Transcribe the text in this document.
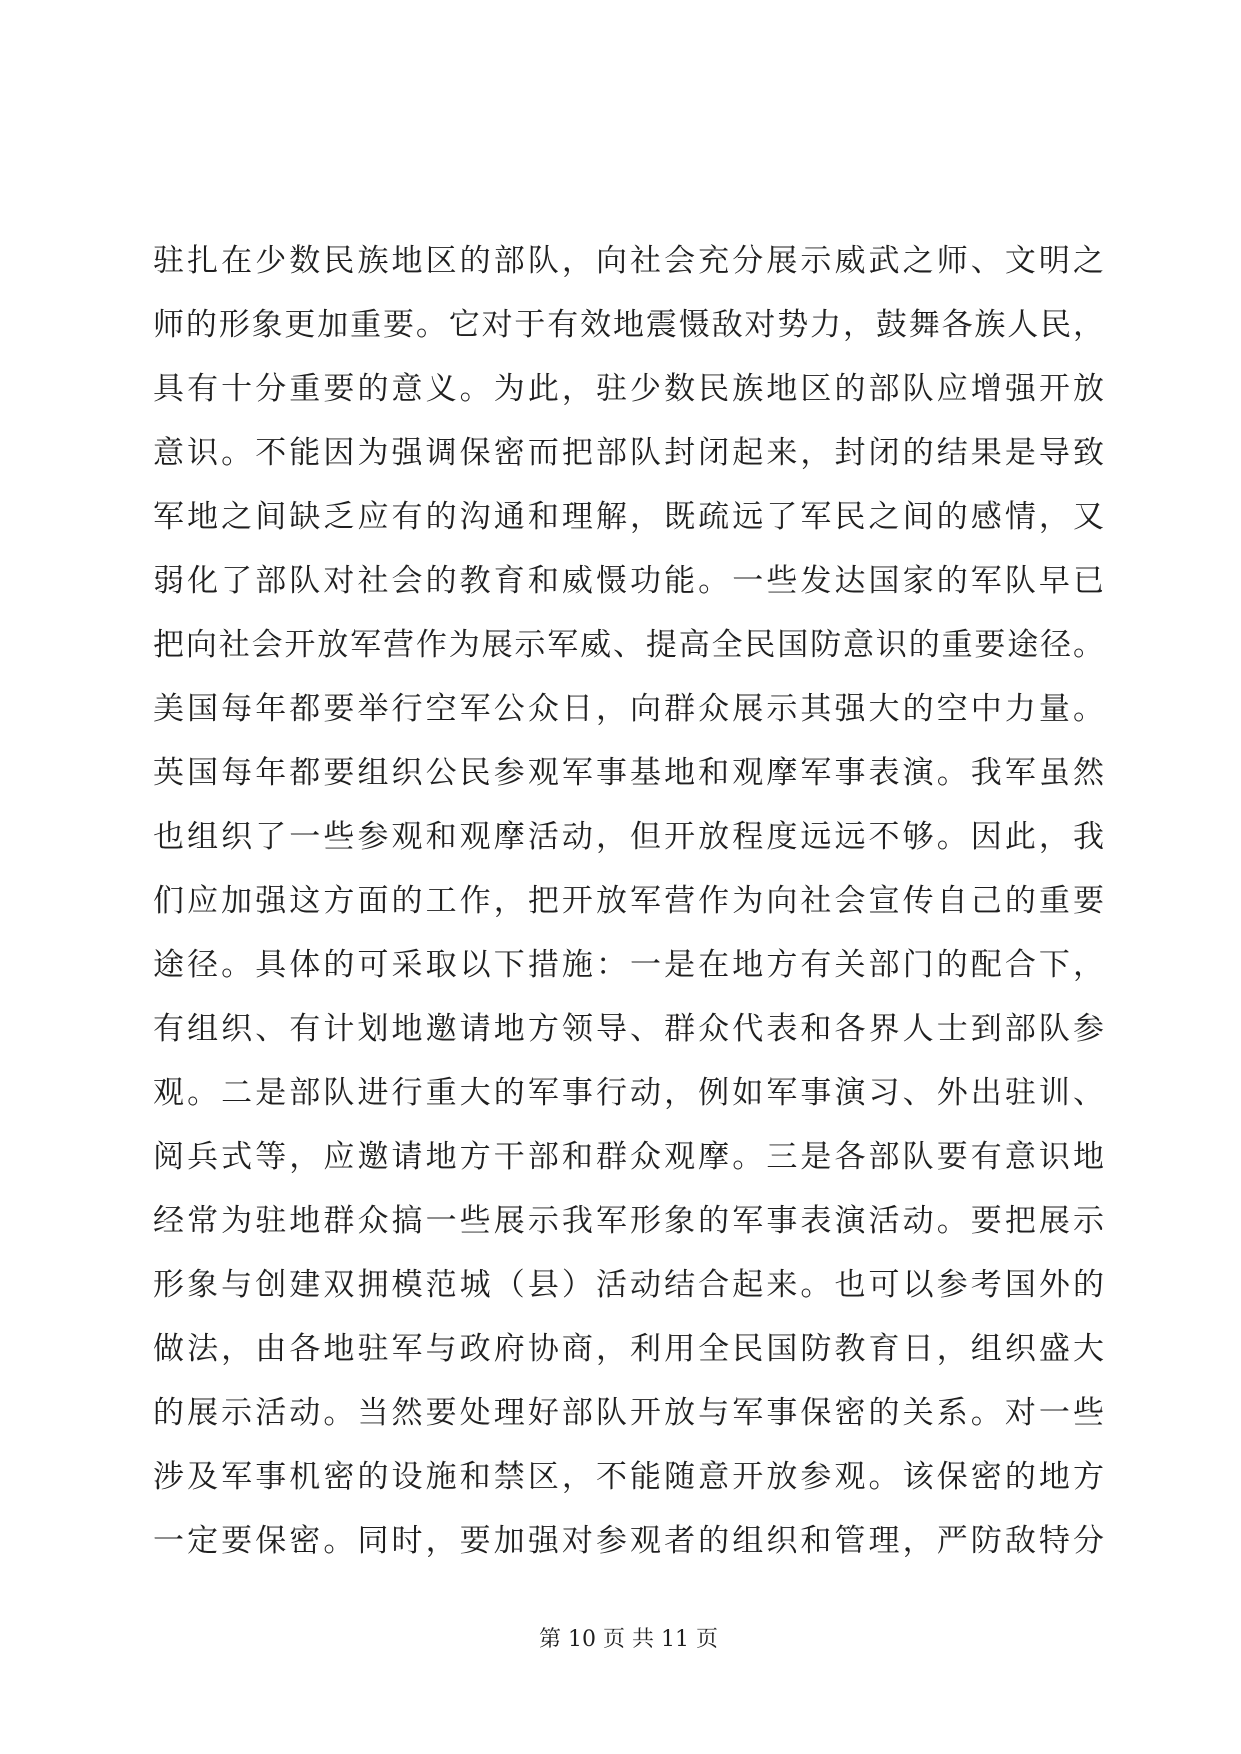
驻扎在少数民族地区的部队，向社会充分展示威武之师、文明之
师的形象更加重要。它对于有效地震慑敌对势力，鼓舞各族人民，
具有十分重要的意义。为此，驻少数民族地区的部队应增强开放
意识。不能因为强调保密而把部队封闭起来，封闭的结果是导致
军地之间缺乏应有的沟通和理解，既疏远了军民之间的感情，又
弱化了部队对社会的教育和威慑功能。一些发达国家的军队早已
把向社会开放军营作为展示军威、提高全民国防意识的重要途径。
美国每年都要举行空军公众日，向群众展示其强大的空中力量。
英国每年都要组织公民参观军事基地和观摩军事表演。我军虽然
也组织了一些参观和观摩活动，但开放程度远远不够。因此，我
们应加强这方面的工作，把开放军营作为向社会宣传自己的重要
途径。具体的可采取以下措施：一是在地方有关部门的配合下，
有组织、有计划地邀请地方领导、群众代表和各界人士到部队参
观。二是部队进行重大的军事行动，例如军事演习、外出驻训、
阅兵式等，应邀请地方干部和群众观摩。三是各部队要有意识地
经常为驻地群众搞一些展示我军形象的军事表演活动。要把展示
形象与创建双拥模范城（县）活动结合起来。也可以参考国外的
做法，由各地驻军与政府协商，利用全民国防教育日，组织盛大
的展示活动。当然要处理好部队开放与军事保密的关系。对一些
涉及军事机密的设施和禁区，不能随意开放参观。该保密的地方
一定要保密。同时，要加强对参观者的组织和管理，严防敌特分
第 10 页 共 11 页
